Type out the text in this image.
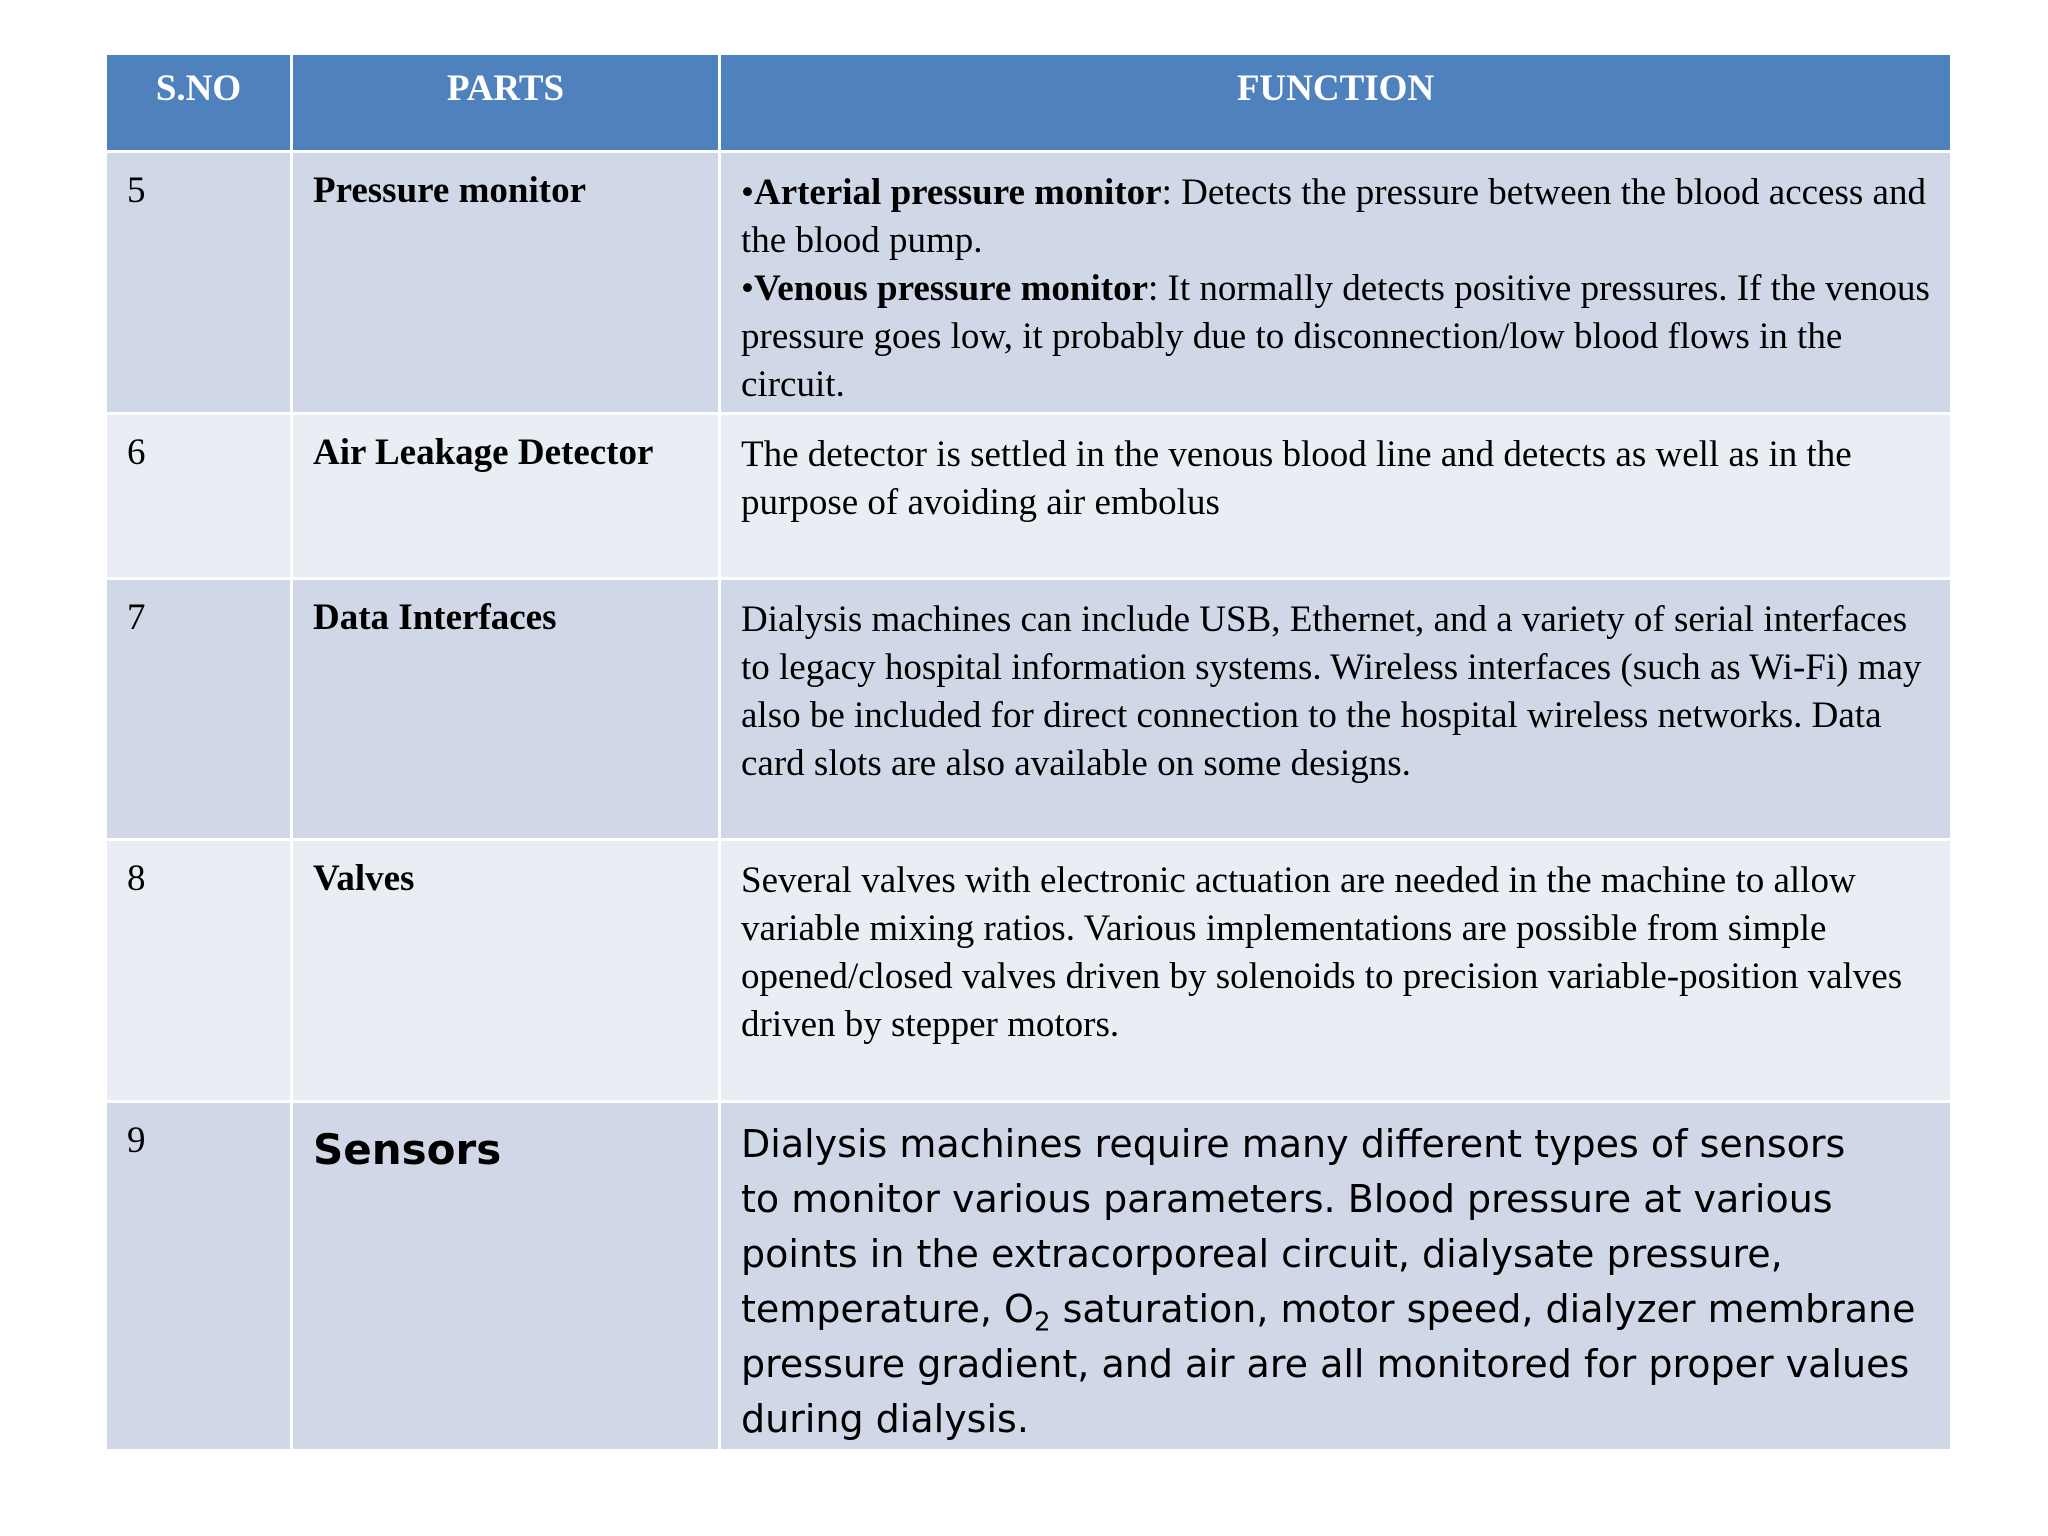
S.NO	PARTS	FUNCTION
5	Pressure monitor	•Arterial pressure monitor: Detects the pressure between the blood access and the blood pump.

•Venous pressure monitor: It normally detects positive pressures. If the venous pressure goes low, it probably due to disconnection/low blood flows in the circuit.

6	Air Leakage Detector	The detector is settled in the venous blood line and detects as well as in the purpose of avoiding air embolus
7	Data Interfaces	Dialysis machines can include USB, Ethernet, and a variety of serial interfaces to legacy hospital information systems. Wireless interfaces (such as Wi-Fi) may also be included for direct connection to the hospital wireless networks. Data card slots are also available on some designs.
8	Valves	Several valves with electronic actuation are needed in the machine to allow variable mixing ratios. Various implementations are possible from simple opened/closed valves driven by solenoids to precision variable-position valves driven by stepper motors.
9	Sensors	Dialysis machines require many different types of sensors
to monitor various parameters. Blood pressure at various points in the extracorporeal circuit, dialysate pressure, temperature, $O_2$ saturation, motor speed, dialyzer membrane pressure gradient, and air are all monitored for proper values during dialysis.
